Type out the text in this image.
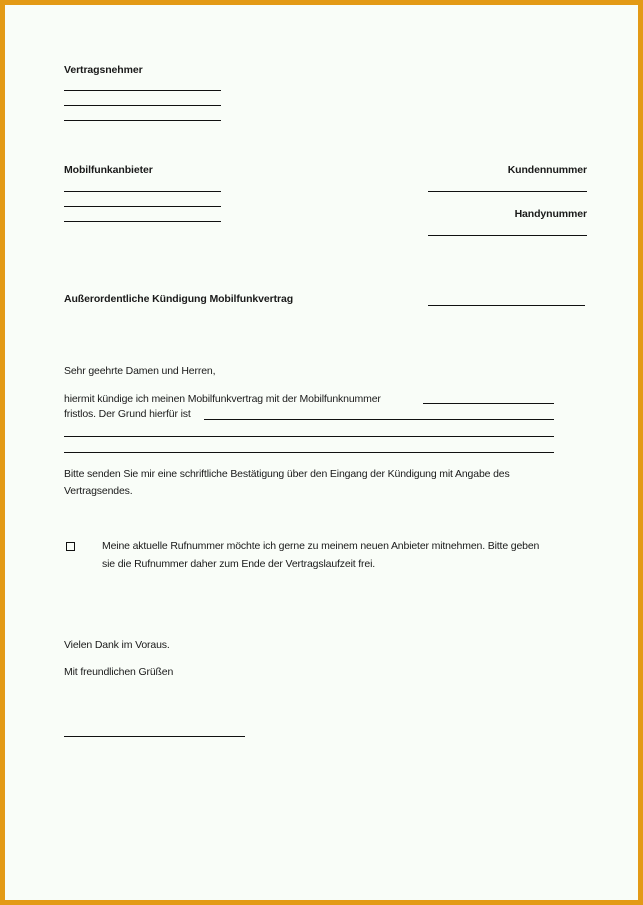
Vertragsnehmer
Mobilfunkanbieter	Kundennummer
Handynummer
Außerordentliche Kündigung Mobilfunkvertrag
Sehr geehrte Damen und Herren,
hiermit kündige ich meinen Mobilfunkvertrag mit der Mobilfunknummer
fristlos. Der Grund hierfür ist
Bitte senden Sie mir eine schriftliche Bestätigung über den Eingang der Kündigung mit Angabe des
Vertragsendes.
Meine aktuelle Rufnummer möchte ich gerne zu meinem neuen Anbieter mitnehmen. Bitte geben
sie die Rufnummer daher zum Ende der Vertragslaufzeit frei.
Vielen Dank im Voraus.
Mit freundlichen Grüßen
